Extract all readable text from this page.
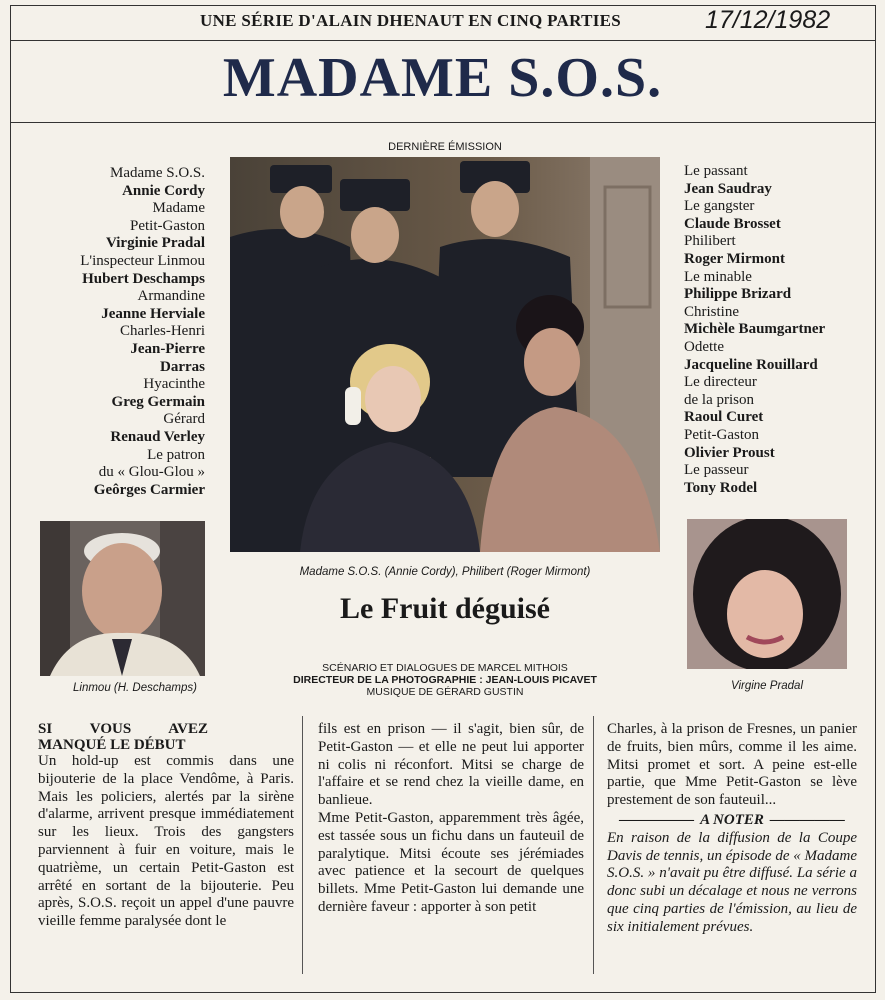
UNE SÉRIE D'ALAIN DHENAUT EN CINQ PARTIES	17/12/1982
MADAME S.O.S.
DERNIÈRE ÉMISSION
Madame S.O.S. (Annie Cordy), Philibert (Roger Mirmont)
Linmou (H. Deschamps)	Virgine Pradal
Madame S.O.S.
Annie Cordy
Madame
Petit-Gaston
Virginie Pradal
L'inspecteur Linmou
Hubert Deschamps
Armandine
Jeanne Herviale
Charles-Henri
Jean-Pierre
Darras
Hyacinthe
Greg Germain
Gérard
Renaud Verley
Le patron
du « Glou-Glou »
Geôrges Carmier
Le passant
Jean Saudray
Le gangster
Claude Brosset
Philibert
Roger Mirmont
Le minable
Philippe Brizard
Christine
Michèle Baumgartner
Odette
Jacqueline Rouillard
Le directeur
de la prison
Raoul Curet
Petit-Gaston
Olivier Proust
Le passeur
Tony Rodel
Le Fruit déguisé
SCÉNARIO ET DIALOGUES DE MARCEL MITHOIS
DIRECTEUR DE LA PHOTOGRAPHIE : JEAN-LOUIS PICAVET
MUSIQUE DE GÉRARD GUSTIN
SI VOUS AVEZ MANQUÉ LE DÉBUT

Un hold-up est commis dans une bijouterie de la place Vendôme, à Paris. Mais les policiers, alertés par la sirène d'alarme, arrivent presque immédiatement sur les lieux. Trois des gangsters parviennent à fuir en voiture, mais le quatrième, un certain Petit-Gaston est arrêté en sortant de la bijouterie. Peu après, S.O.S. reçoit un appel d'une pauvre vieille femme paralysée dont le

fils est en prison — il s'agit, bien sûr, de Petit-Gaston — et elle ne peut lui apporter ni colis ni réconfort. Mitsi se charge de l'affaire et se rend chez la vieille dame, en banlieue.

Mme Petit-Gaston, apparemment très âgée, est tassée sous un fichu dans un fauteuil de paralytique. Mitsi écoute ses jérémiades avec patience et la secourt de quelques billets. Mme Petit-Gaston lui demande une dernière faveur : apporter à son petit

Charles, à la prison de Fresnes, un panier de fruits, bien mûrs, comme il les aime. Mitsi promet et sort. A peine est-elle partie, que Mme Petit-Gaston se lève prestement de son fauteuil...

————— A NOTER —————

En raison de la diffusion de la Coupe Davis de tennis, un épisode de « Madame S.O.S. » n'avait pu être diffusé. La série a donc subi un décalage et nous ne verrons que cinq parties de l'émission, au lieu de six initialement prévues.
